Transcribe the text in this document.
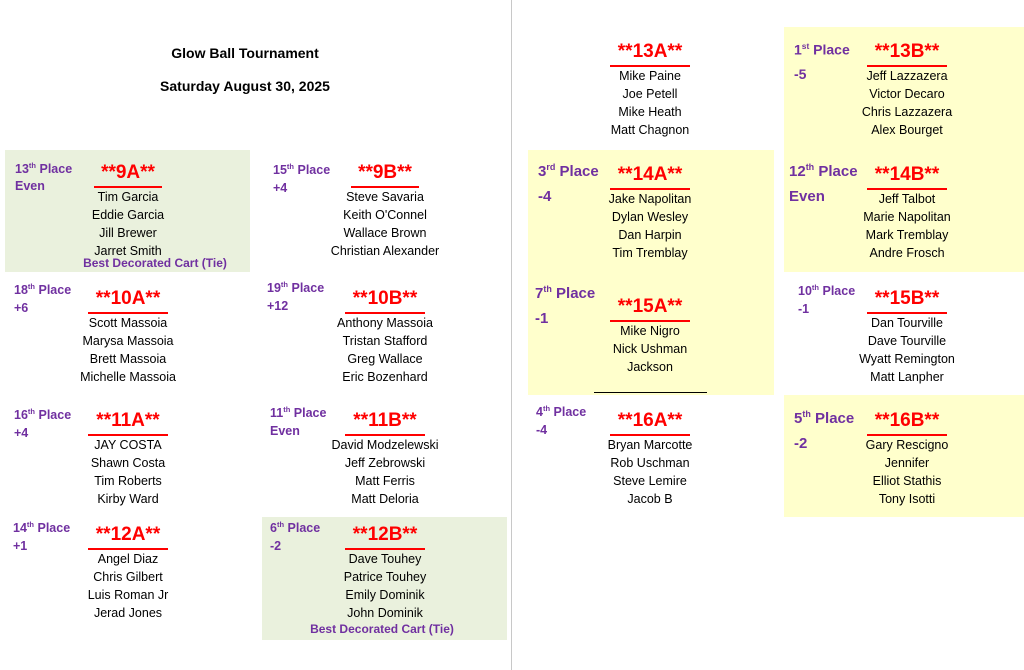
Glow Ball Tournament
Saturday August 30, 2025
Best Decorated Cart (Tie)
Best Decorated Cart (Tie)
**9A**
Tim Garcia
Eddie Garcia
Jill Brewer
Jarret Smith
13th Place
Even
**9B**
Steve Savaria
Keith O'Connel
Wallace Brown
Christian Alexander
15th Place
+4
**10A**
Scott Massoia
Marysa Massoia
Brett Massoia
Michelle Massoia
18th Place
+6	**10B**
Anthony Massoia
Tristan Stafford
Greg Wallace
Eric Bozenhard
19th Place
+12
**11A**
JAY COSTA
Shawn Costa
Tim Roberts
Kirby Ward
16th Place
+4
**11B**
David Modzelewski
Jeff Zebrowski
Matt Ferris
Matt Deloria
11th Place
Even
**12A**
Angel Diaz
Chris Gilbert
Luis Roman Jr
Jerad Jones
14th Place
+1
**12B**
Dave Touhey
Patrice Touhey
Emily Dominik
John Dominik
6th Place
-2
**13A**
Mike Paine
Joe Petell
Mike Heath
Matt Chagnon
**13B**
Jeff Lazzazera
Victor Decaro
Chris Lazzazera
Alex Bourget
1st Place
-5
**14A**
Jake Napolitan
Dylan Wesley
Dan Harpin
Tim Tremblay
3rd Place
-4
**14B**
Jeff Talbot
Marie Napolitan
Mark Tremblay
Andre Frosch
12th Place
Even
**15A**
Mike Nigro
Nick Ushman
Jackson
7th Place
-1
**15B**
Dan Tourville
Dave Tourville
Wyatt Remington
Matt Lanpher
10th Place
-1
**16A**
Bryan Marcotte
Rob Uschman
Steve Lemire
Jacob B
4th Place
-4	**16B**
Gary Rescigno
Jennifer
Elliot Stathis
Tony Isotti
5th Place
-2
